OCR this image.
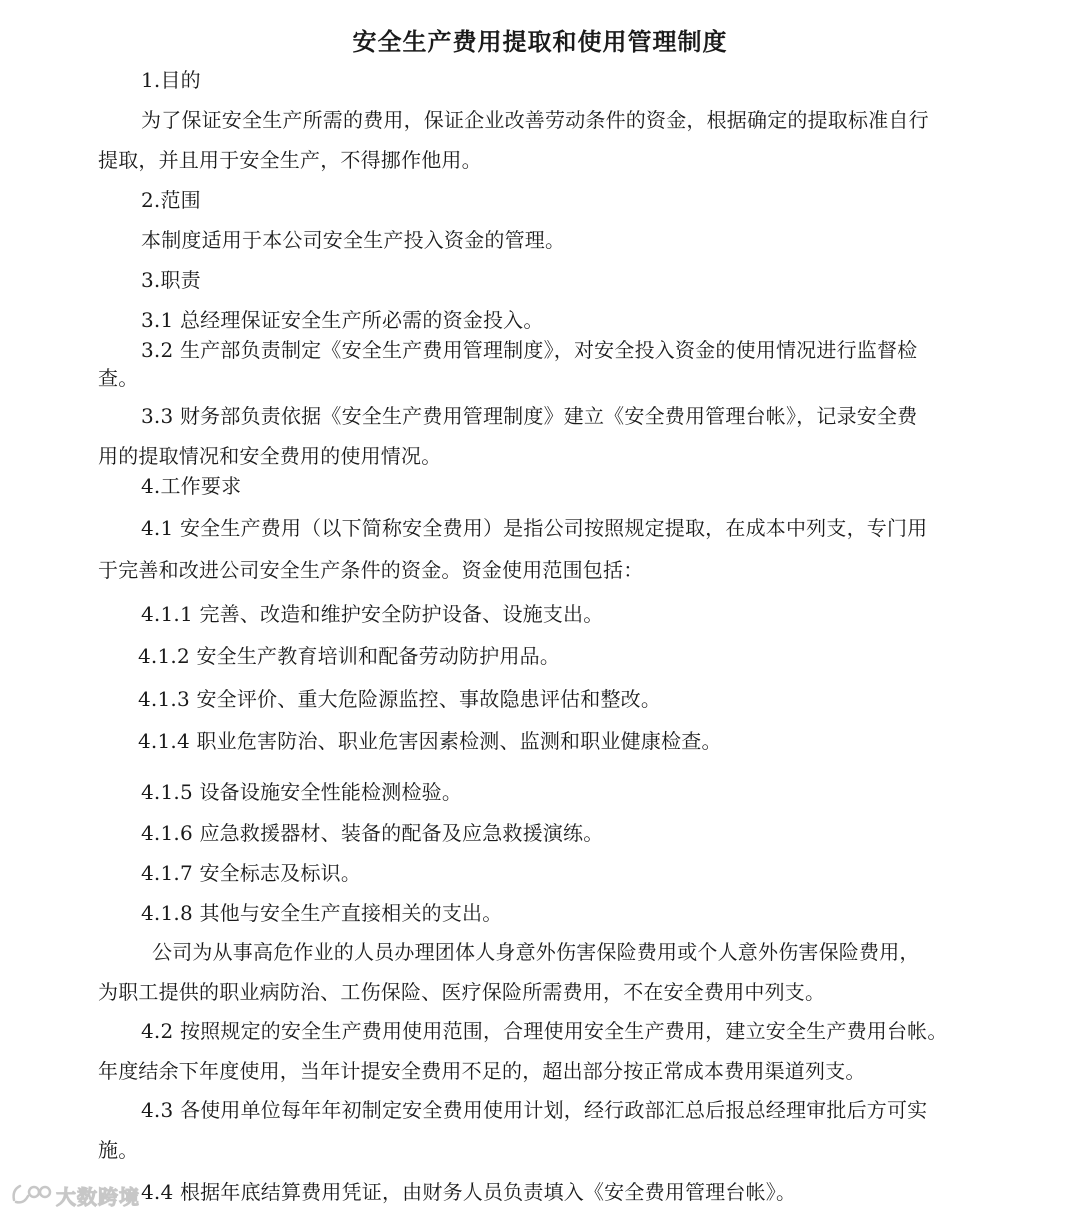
安全生产费用提取和使用管理制度
1.目的
为了保证安全生产所需的费用，保证企业改善劳动条件的资金，根据确定的提取标准自行
提取，并且用于安全生产，不得挪作他用。
2.范围
本制度适用于本公司安全生产投入资金的管理。
3.职责
3.1 总经理保证安全生产所必需的资金投入。
3.2 生产部负责制定《安全生产费用管理制度》，对安全投入资金的使用情况进行监督检
查。
3.3 财务部负责依据《安全生产费用管理制度》建立《安全费用管理台帐》，记录安全费
用的提取情况和安全费用的使用情况。
4.工作要求
4.1 安全生产费用（以下简称安全费用）是指公司按照规定提取，在成本中列支，专门用
于完善和改进公司安全生产条件的资金。资金使用范围包括：
4.1.1 完善、改造和维护安全防护设备、设施支出。
4.1.2 安全生产教育培训和配备劳动防护用品。
4.1.3 安全评价、重大危险源监控、事故隐患评估和整改。
4.1.4 职业危害防治、职业危害因素检测、监测和职业健康检查。
4.1.5 设备设施安全性能检测检验。
4.1.6 应急救援器材、装备的配备及应急救援演练。
4.1.7 安全标志及标识。
4.1.8 其他与安全生产直接相关的支出。
公司为从事高危作业的人员办理团体人身意外伤害保险费用或个人意外伤害保险费用，
为职工提供的职业病防治、工伤保险、医疗保险所需费用，不在安全费用中列支。
4.2 按照规定的安全生产费用使用范围，合理使用安全生产费用，建立安全生产费用台帐。
年度结余下年度使用，当年计提安全费用不足的，超出部分按正常成本费用渠道列支。
4.3 各使用单位每年年初制定安全费用使用计划，经行政部汇总后报总经理审批后方可实
施。
4.4 根据年底结算费用凭证，由财务人员负责填入《安全费用管理台帐》。
大数跨境
